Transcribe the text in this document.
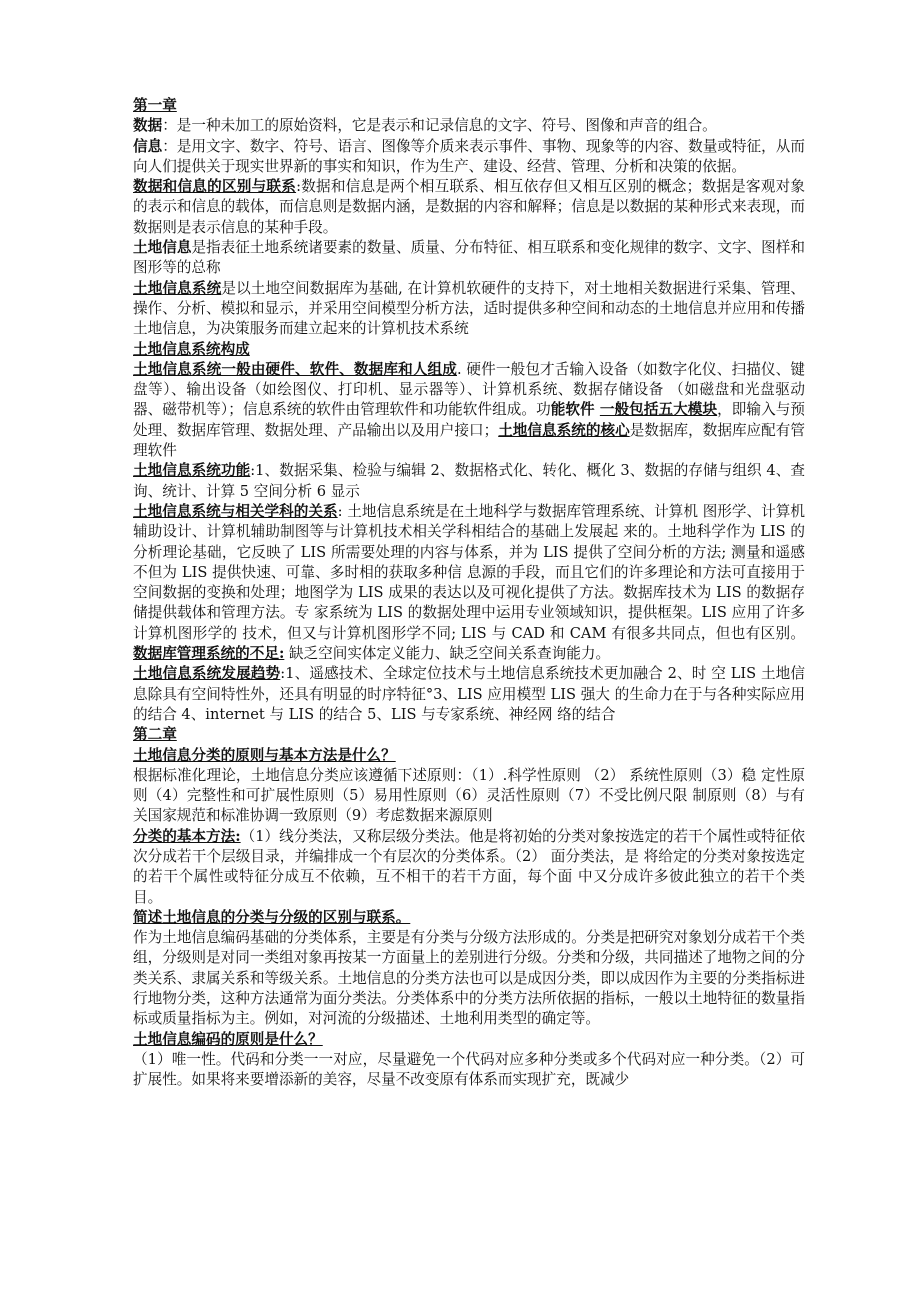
第一章

数据：是一种未加工的原始资料，它是表示和记录信息的文字、符号、图像和声音的组合。

信息：是用文字、数字、符号、语言、图像等介质来表示事件、事物、现象等的内容、数量或特征，从而向人们提供关于现实世界新的事实和知识，作为生产、建设、经营、管理、分析和决策的依据。

数据和信息的区别与联系:数据和信息是两个相互联系、相互依存但又相互区别的概念；数据是客观对象的表示和信息的载体，而信息则是数据内涵，是数据的内容和解释；信息是以数据的某种形式来表现，而数据则是表示信息的某种手段。

土地信息是指表征土地系统诸要素的数量、质量、分布特征、相互联系和变化规律的数字、文字、图样和图形等的总称

土地信息系统是以土地空间数据库为基础, 在计算机软硬件的支持下，对土地相关数据进行采集、管理、操作、分析、模拟和显示，并采用空间模型分析方法，适时提供多种空间和动态的土地信息并应用和传播土地信息，为决策服务而建立起来的计算机技术系统

土地信息系统构成

土地信息系统一般由硬件、软件、数据库和人组成. 硬件一般包才舌输入设备（如数字化仪、扫描仪、键盘等）、输出设备（如绘图仪、打印机、显示器等）、计算机系统、数据存储设备 （如磁盘和光盘驱动器、磁带机等）；信息系统的软件由管理软件和功能软件组成。功能软件 一般包括五大模块，即输入与预处理、数据库管理、数据处理、产品输出以及用户接口；土地信息系统的核心是数据库，数据库应配有管理软件

土地信息系统功能:1、数据采集、检验与编辑 2、数据格式化、转化、概化 3、数据的存储与组织 4、查询、统计、计算 5 空间分析 6 显示

土地信息系统与相关学科的关系: 土地信息系统是在土地科学与数据库管理系统、计算机 图形学、计算机辅助设计、计算机辅助制图等与计算机技术相关学科相结合的基础上发展起 来的。土地科学作为 LIS 的分析理论基础，它反映了 LIS 所需要处理的内容与体系，并为 LIS 提供了空间分析的方法; 测量和遥感不但为 LIS 提供快速、可靠、多时相的获取多种信 息源的手段，而且它们的许多理论和方法可直接用于空间数据的变换和处理；地图学为 LIS 成果的表达以及可视化提供了方法。数据库技术为 LIS 的数据存储提供载体和管理方法。专 家系统为 LIS 的数据处理中运用专业领域知识，提供框架。LIS 应用了许多计算机图形学的 技术，但又与计算机图形学不同; LIS 与 CAD 和 CAM 有很多共同点，但也有区别。 数据库管理系统的不足: 缺乏空间实体定义能力、缺乏空间关系查询能力。

土地信息系统发展趋势:1、遥感技术、全球定位技术与土地信息系统技术更加融合 2、时 空 LIS 土地信息除具有空间特性外，还具有明显的时序特征°3、LIS 应用模型 LIS 强大 的生命力在于与各种实际应用的结合 4、internet 与 LIS 的结合 5、LIS 与专家系统、神经网 络的结合

第二章

土地信息分类的原则与基本方法是什么？

根据标准化理论，土地信息分类应该遵循下述原则：（1）.科学性原则 （2） 系统性原则（3）稳 定性原则（4）完整性和可扩展性原则（5）易用性原则（6）灵活性原则（7）不受比例尺限 制原则（8）与有关国家规范和标准协调一致原则（9）考虑数据来源原则

分类的基本方法:（1）线分类法，又称层级分类法。他是将初始的分类对象按选定的若干个属性或特征依次分成若干个层级目录，并编排成一个有层次的分类体系。（2） 面分类法，是 将给定的分类对象按选定的若干个属性或特征分成互不依赖，互不相干的若干方面，每个面 中又分成许多彼此独立的若干个类目。

简述土地信息的分类与分级的区别与联系。

作为土地信息编码基础的分类体系，主要是有分类与分级方法形成的。分类是把研究对象划分成若干个类组，分级则是对同一类组对象再按某一方面量上的差别进行分级。分类和分级，共同描述了地物之间的分类关系、隶属关系和等级关系。土地信息的分类方法也可以是成因分类，即以成因作为主要的分类指标进行地物分类，这种方法通常为面分类法。分类体系中的分类方法所依据的指标，一般以土地特征的数量指标或质量指标为主。例如，对河流的分级描述、土地利用类型的确定等。

土地信息编码的原则是什么？

（1）唯一性。代码和分类一一对应，尽量避免一个代码对应多种分类或多个代码对应一种分类。（2）可扩展性。如果将来要增添新的美容，尽量不改变原有体系而实现扩充，既减少
